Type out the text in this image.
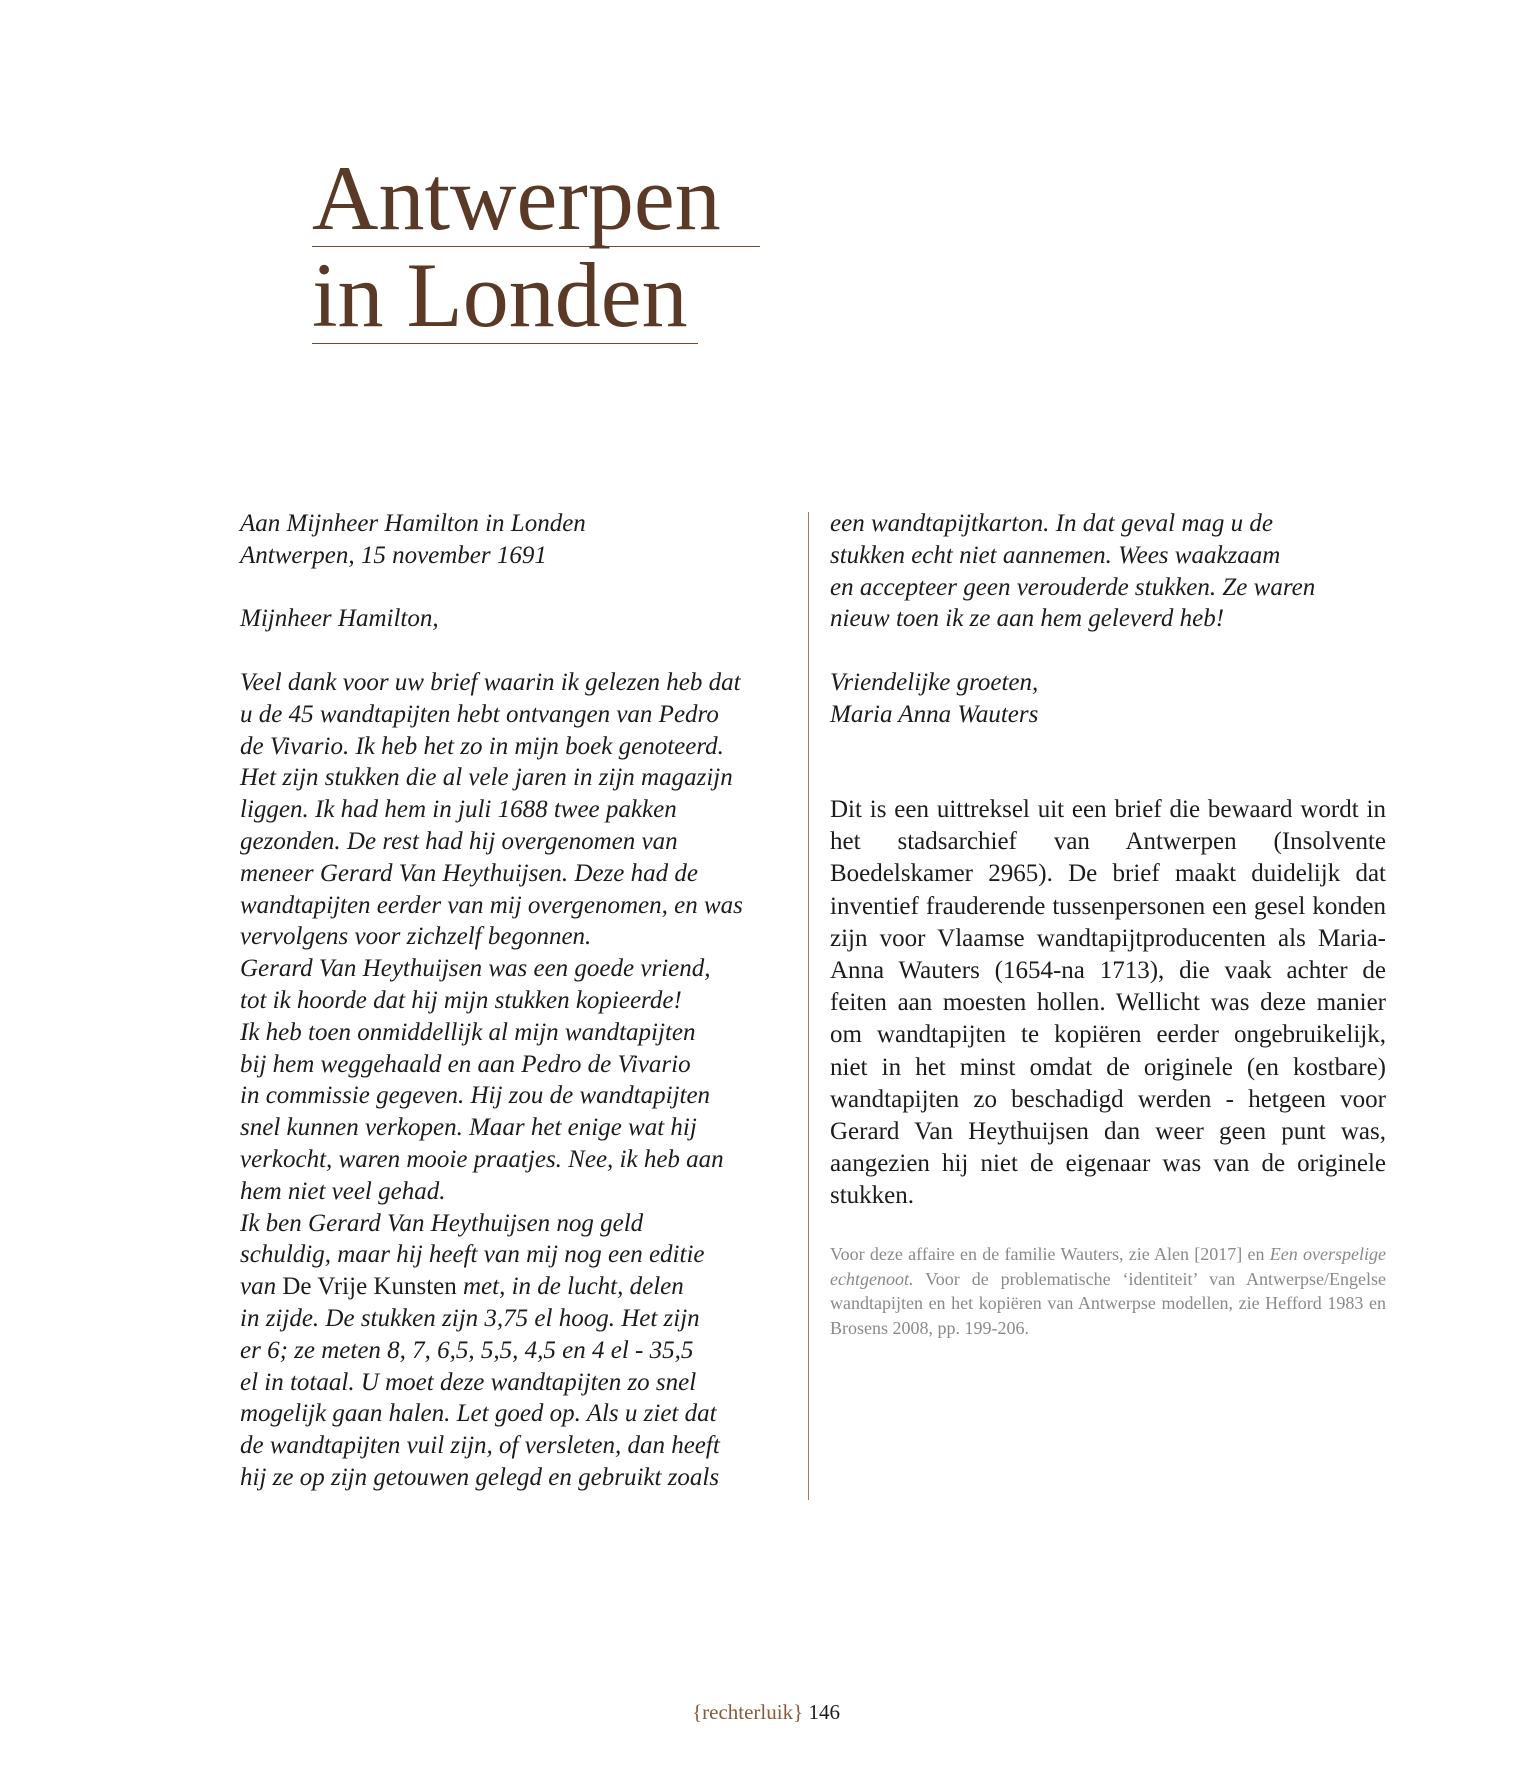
Antwerpen
in Londen

Aan Mijnheer Hamilton in Londen

Antwerpen, 15 november 1691

Mijnheer Hamilton,

Veel dank voor uw brief waarin ik gelezen heb dat

u de 45 wandtapijten hebt ontvangen van Pedro

de Vivario. Ik heb het zo in mijn boek genoteerd.

Het zijn stukken die al vele jaren in zijn magazijn

liggen. Ik had hem in juli 1688 twee pakken

gezonden. De rest had hij overgenomen van

meneer Gerard Van Heythuijsen. Deze had de

wandtapijten eerder van mij overgenomen, en was

vervolgens voor zichzelf begonnen.

Gerard Van Heythuijsen was een goede vriend,

tot ik hoorde dat hij mijn stukken kopieerde!

Ik heb toen onmiddellijk al mijn wandtapijten

bij hem weggehaald en aan Pedro de Vivario

in commissie gegeven. Hij zou de wandtapijten

snel kunnen verkopen. Maar het enige wat hij

verkocht, waren mooie praatjes. Nee, ik heb aan

hem niet veel gehad.

Ik ben Gerard Van Heythuijsen nog geld

schuldig, maar hij heeft van mij nog een editie

van De Vrije Kunsten met, in de lucht, delen

in zijde. De stukken zijn 3,75 el hoog. Het zijn

er 6; ze meten 8, 7, 6,5, 5,5, 4,5 en 4 el - 35,5

el in totaal. U moet deze wandtapijten zo snel

mogelijk gaan halen. Let goed op. Als u ziet dat

de wandtapijten vuil zijn, of versleten, dan heeft

hij ze op zijn getouwen gelegd en gebruikt zoals

een wandtapijtkarton. In dat geval mag u de

stukken echt niet aannemen. Wees waakzaam

en accepteer geen verouderde stukken. Ze waren

nieuw toen ik ze aan hem geleverd heb!

Vriendelijke groeten,

Maria Anna Wauters

Dit is een uittreksel uit een brief die bewaard wordt in het stadsarchief van Antwerpen (Insolvente Boedelskamer 2965). De brief maakt duidelijk dat inventief frauderende tussenpersonen een gesel konden zijn voor Vlaamse wandtapijtproducenten als Maria-Anna Wauters (1654-na 1713), die vaak achter de feiten aan moesten hollen. Wellicht was deze manier om wandtapijten te kopiëren eerder ongebruikelijk, niet in het minst omdat de originele (en kostbare) wandtapijten zo beschadigd werden - hetgeen voor Gerard Van Heythuijsen dan weer geen punt was, aangezien hij niet de eigenaar was van de originele stukken.

Voor deze affaire en de familie Wauters, zie Alen [2017] en Een overspelige echtgenoot. Voor de problematische ‘identiteit’ van Antwerpse/Engelse wandtapijten en het kopiëren van Antwerpse modellen, zie Hefford 1983 en Brosens 2008, pp. 199-206.

{rechterluik} 146
